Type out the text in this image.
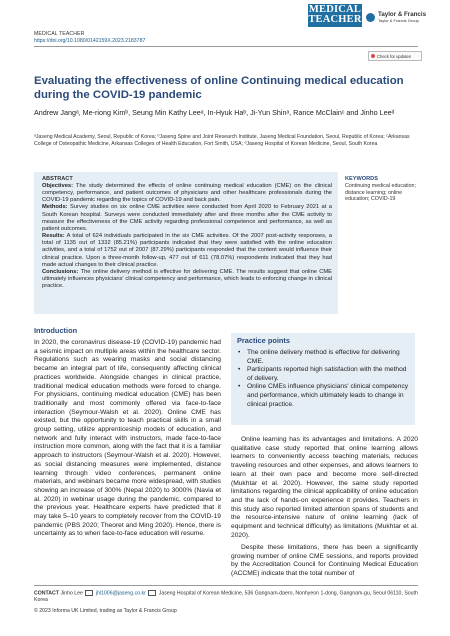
MEDICAL TEACHER
https://doi.org/10.1080/0142159X.2023.2183787
MEDICAL
TEACHER	Taylor & Francis
Taylor & Francis Group
Check for updates
Evaluating the effectiveness of online Continuing medical education during the COVID-19 pandemic
Andrew Jangᵃ, Me-riong Kimᵇ, Seung Min Kathy Leeᵃ, In-Hyuk Haᵇ, Ji-Yun Shinᵃ, Rance McClainᶜ and Jinho Leeᵈ
ᵃJaseng Medical Academy, Seoul, Republic of Korea; ᵇJaseng Spine and Joint Research Institute, Jaseng Medical Foundation, Seoul, Republic of Korea; ᶜArkansas College of Osteopathic Medicine, Arkansas Colleges of Health Education, Fort Smith, USA; ᵈJaseng Hospital of Korean Medicine, Seoul, South Korea
ABSTRACT
Objectives: The study determined the effects of online continuing medical education (CME) on the clinical competency, performance, and patient outcomes of physicians and other healthcare professionals during the COVID-19 pandemic regarding the topics of COVID-19 and back pain.
Methods: Survey studies on six online CME activities were conducted from April 2020 to February 2021 at a South Korean hospital. Surveys were conducted immediately after and three months after the CME activity to measure the effectiveness of the CME activity regarding professional competence and performance, as well as patient outcomes.
Results: A total of 624 individuals participated in the six CME activities. Of the 2007 post-activity responses, a total of 1135 out of 1332 (85.21%) participants indicated that they were satisfied with the online education activities, and a total of 1752 out of 2007 (87.29%) participants responded that the content would influence their clinical practice. Upon a three-month follow-up, 477 out of 611 (78.07%) respondents indicated that they had made actual changes to their clinical practice.
Conclusions: The online delivery method is effective for delivering CME. The results suggest that online CME ultimately influences physicians' clinical competency and performance, which leads to enforcing change in clinical practice.
KEYWORDS
Continuing medical education; distance learning; online education; COVID-19
Introduction
In 2020, the coronavirus disease-19 (COVID-19) pandemic had a seismic impact on multiple areas within the healthcare sector. Regulations such as wearing masks and social distancing became an integral part of life, consequently affecting clinical practices worldwide. Alongside changes in clinical practice, traditional medical education methods were forced to change. For physicians, continuing medical education (CME) has been traditionally and most commonly offered via face-to-face interaction (Seymour-Walsh et al. 2020). Online CME has existed, but the opportunity to teach practical skills in a small group setting, utilize apprenticeship models of education, and network and fully interact with instructors, made face-to-face instruction more common, along with the fact that it is a familiar approach to instructors (Seymour-Walsh et al. 2020). However, as social distancing measures were implemented, distance learning through video conferences, permanent online materials, and webinars became more widespread, with studies showing an increase of 300% (Nepal 2020) to 3000% (Navia et al. 2020) in webinar usage during the pandemic, compared to the previous year. Healthcare experts have predicted that it may take 5–10 years to completely recover from the COVID-19 pandemic (PBS 2020; Theoret and Ming 2020). Hence, there is uncertainty as to when face-to-face education will resume.
Practice points
• The online delivery method is effective for delivering CME.
• Participants reported high satisfaction with the method of delivery.
• Online CMEs influence physicians' clinical competency and performance, which ultimately leads to change in clinical practice.
Online learning has its advantages and limitations. A 2020 qualitative case study reported that online learning allows learners to conveniently access teaching materials, reduces traveling resources and other expenses, and allows learners to learn at their own pace and become more self-directed (Mukhtar et al. 2020). However, the same study reported limitations regarding the clinical applicability of online education and the lack of hands-on experience it provides. Teachers in this study also reported limited attention spans of students and the resource-intensive nature of online learning (lack of equipment and technical difficulty) as limitations (Mukhtar et al. 2020).
Despite these limitations, there has been a significantly growing number of online CME sessions, and reports provided by the Accreditation Council for Continuing Medical Education (ACCME) indicate that the total number of
CONTACT Jinho Lee jhl1006@jaseng.co.kr Jaseng Hospital of Korean Medicine, 536 Gangnam-daero, Nonhyeon 1-dong, Gangnam-gu, Seoul 06110, South Korea
© 2023 Informa UK Limited, trading as Taylor & Francis Group
